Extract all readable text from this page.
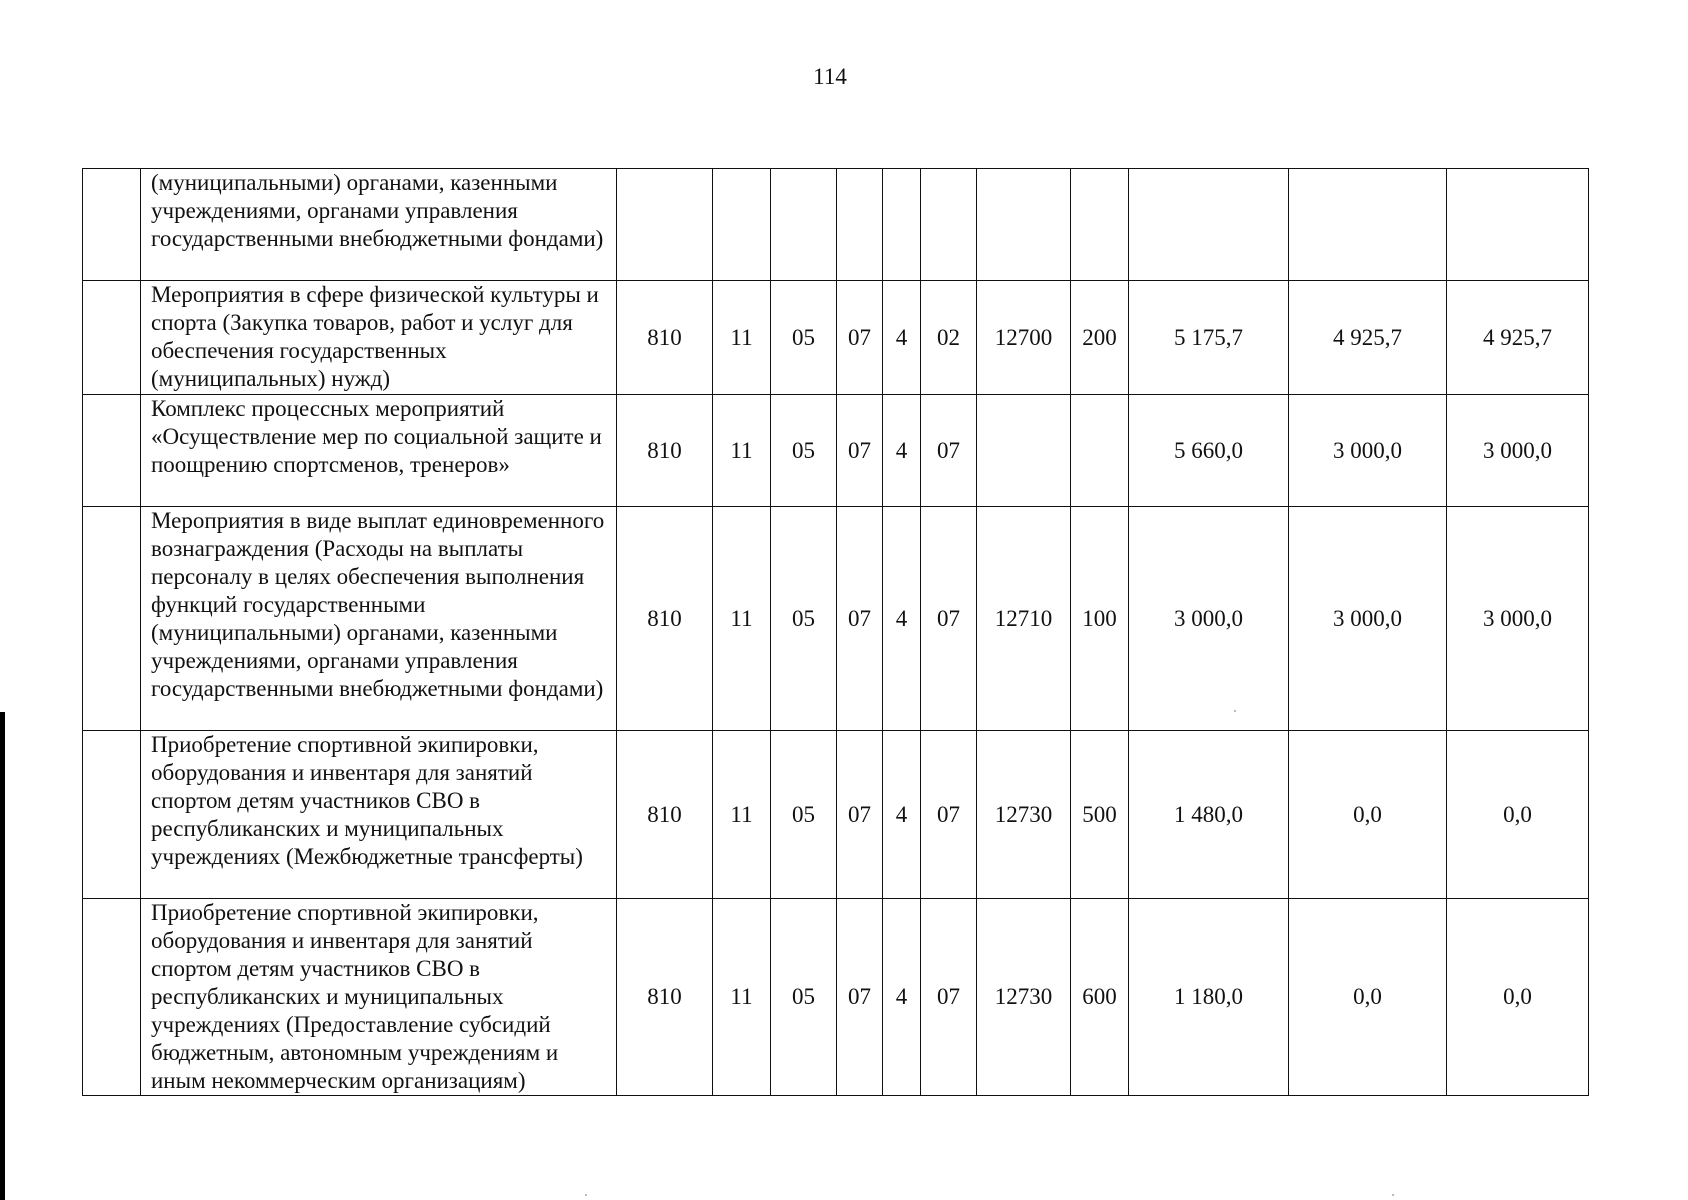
114
	(муниципальными) органами, казенными учреждениями, органами управления государственными внебюджетными фондами)											
	Мероприятия в сфере физической культуры и спорта (Закупка товаров, работ и услуг для обеспечения государственных (муниципальных) нужд)	810	11	05	07	4	02	12700	200	5 175,7	4 925,7	4 925,7
	Комплекс процессных мероприятий «Осуществление мер по социальной защите и поощрению спортсменов, тренеров»	810	11	05	07	4	07			5 660,0	3 000,0	3 000,0
	Мероприятия в виде выплат единовременного вознаграждения (Расходы на выплаты персоналу в целях обеспечения выполнения функций государственными (муниципальными) органами, казенными учреждениями, органами управления государственными внебюджетными фондами)	810	11	05	07	4	07	12710	100	3 000,0	3 000,0	3 000,0
	Приобретение спортивной экипировки, оборудования и инвентаря для занятий спортом детям участников СВО в республиканских и муниципальных учреждениях (Межбюджетные трансферты)	810	11	05	07	4	07	12730	500	1 480,0	0,0	0,0
	Приобретение спортивной экипировки, оборудования и инвентаря для занятий спортом детям участников СВО в республиканских и муниципальных учреждениях (Предоставление субсидий бюджетным, автономным учреждениям и иным некоммерческим организациям)	810	11	05	07	4	07	12730	600	1 180,0	0,0	0,0
